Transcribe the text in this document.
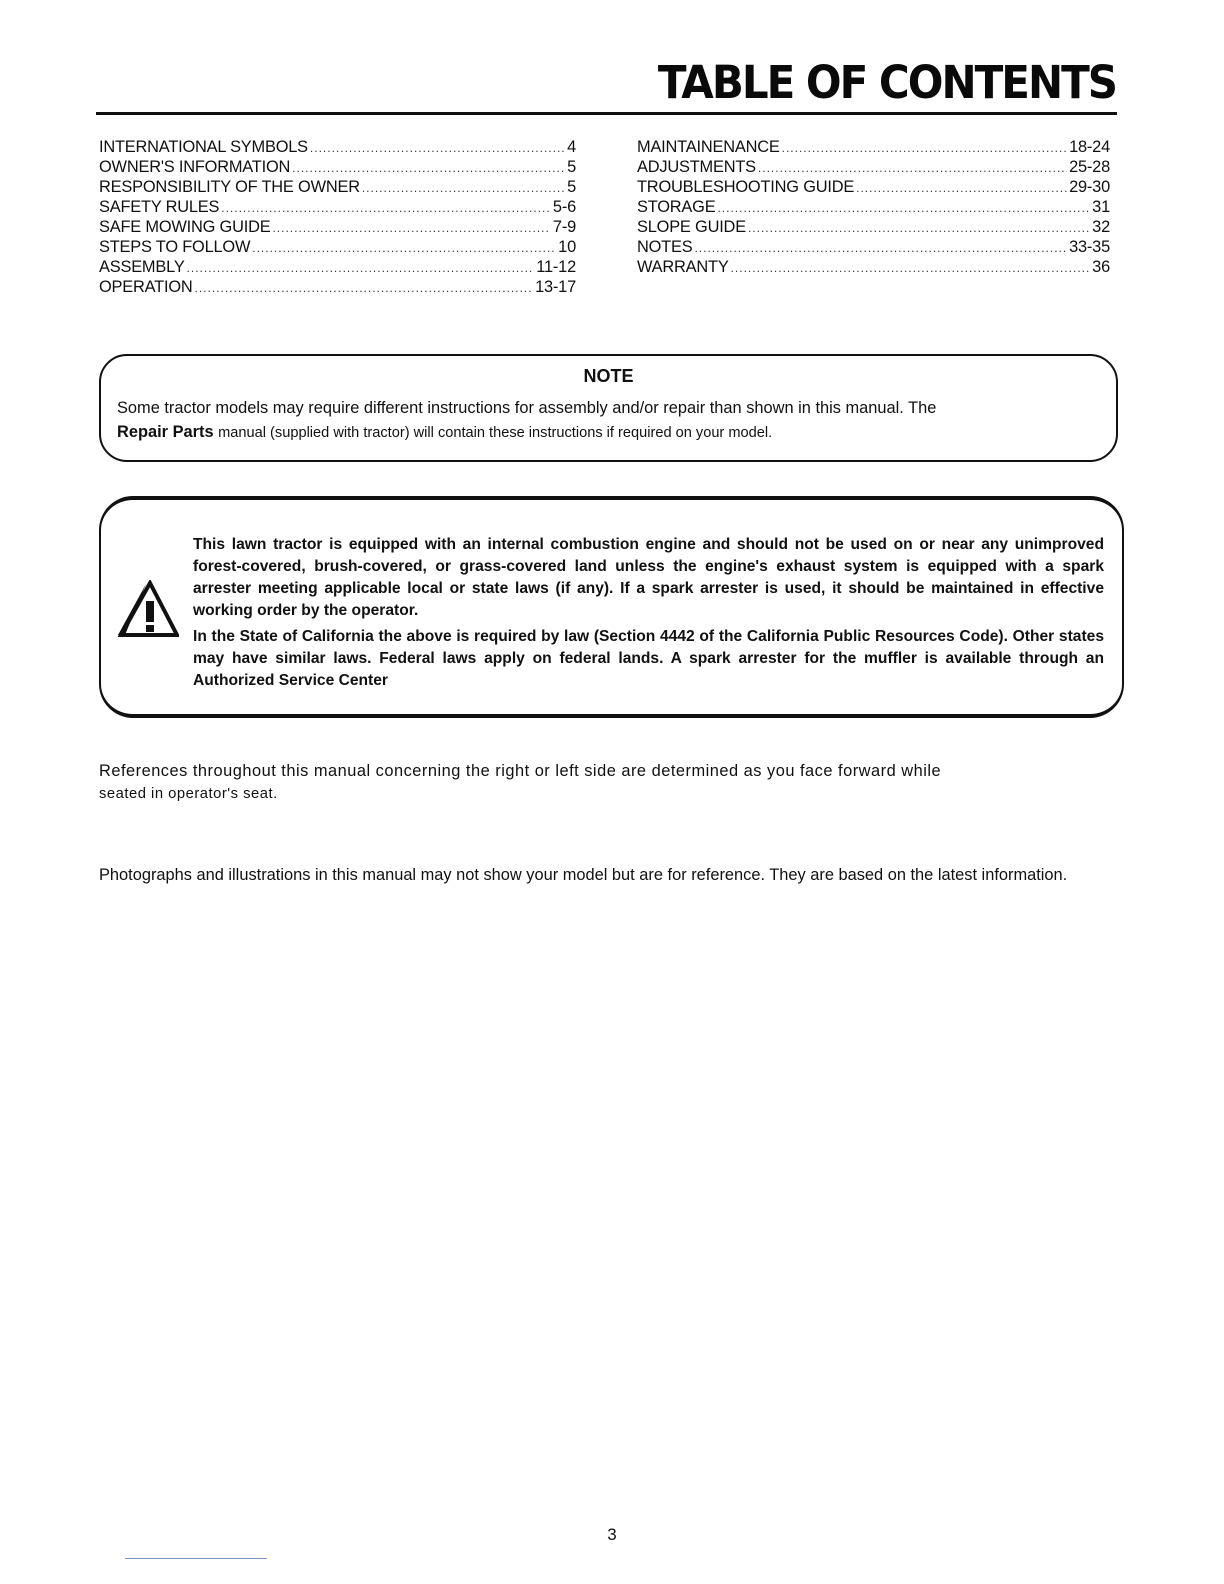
TABLE OF CONTENTS
INTERNATIONAL SYMBOLS .....	4
OWNER'S INFORMATION .....	5
RESPONSIBILITY OF THE OWNER .....	5
SAFETY RULES .....	5-6
SAFE MOWING GUIDE .....	7-9
STEPS TO FOLLOW .....	10
ASSEMBLY .....	11-12
OPERATION .....	13-17
MAINTAINENANCE .....	18-24
ADJUSTMENTS .....	25-28
TROUBLESHOOTING GUIDE .....	29-30
STORAGE .....	31
SLOPE GUIDE .....	32
NOTES .....	33-35
WARRANTY .....	36
NOTE

Some tractor models may require different instructions for assembly and/or repair than shown in this manual. The
Repair Parts manual (supplied with tractor) will contain these instructions if required on your model.

This lawn tractor is equipped with an internal combustion engine and should not be used on or near any unimproved forest-covered, brush-covered, or grass-covered land unless the engine's exhaust system is equipped with a spark arrester meeting applicable local or state laws (if any). If a spark arrester is used, it should be maintained in effective working order by the operator.

In the State of California the above is required by law (Section 4442 of the California Public Resources Code). Other states may have similar laws. Federal laws apply on federal lands. A spark arrester for the muffler is available through an Authorized Service Center

References throughout this manual concerning the right or left side are determined as you face forward while
seated in operator's seat.

Photographs and illustrations in this manual may not show your model but are for reference. They are based on the latest information.

3
